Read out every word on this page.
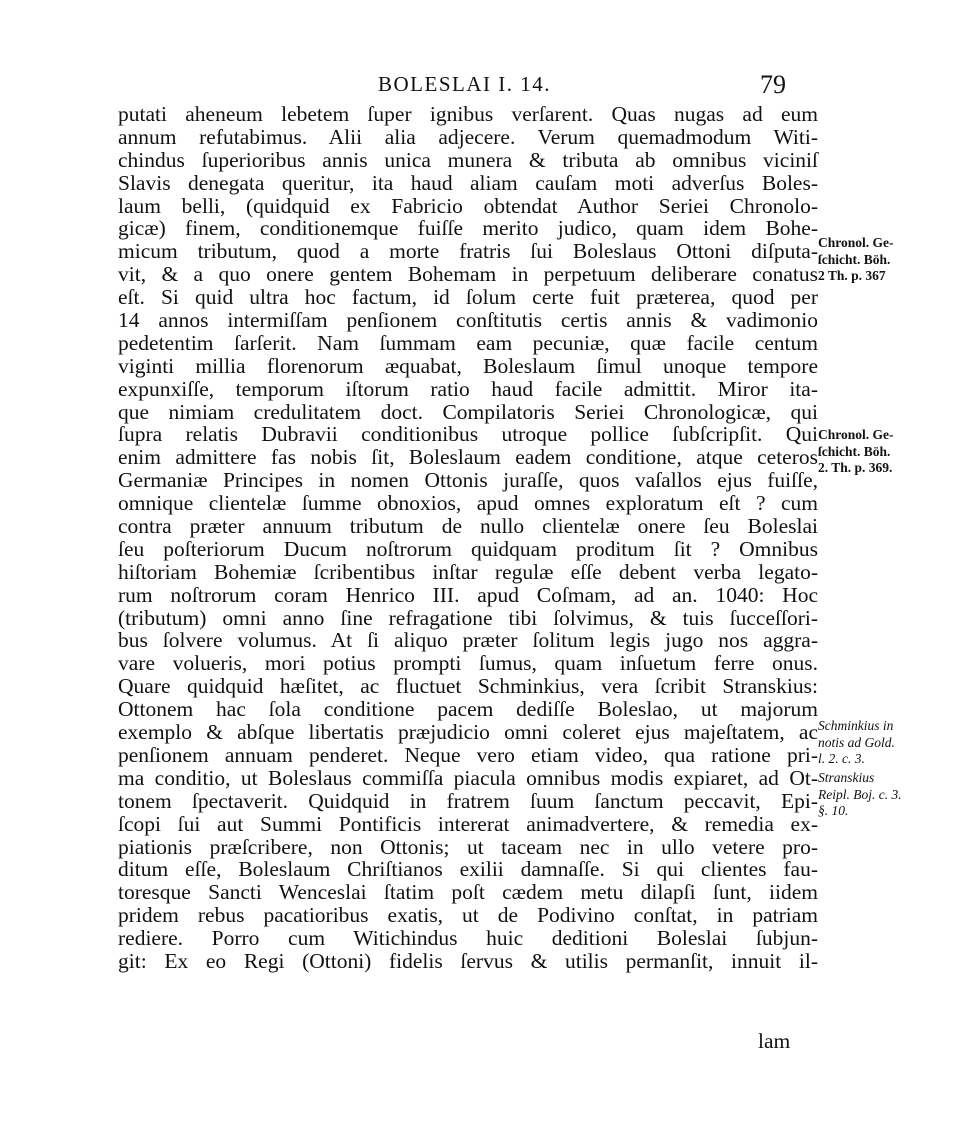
BOLESLAI I. 14.	79
putati aheneum lebetem ſuper ignibus verſarent. Quas nugas ad eum
annum refutabimus. Alii alia adjecere. Verum quemadmodum Witi-
chindus ſuperioribus annis unica munera & tributa ab omnibus viciniſ
Slavis denegata queritur, ita haud aliam cauſam moti adverſus Boles-
laum belli, (quidquid ex Fabricio obtendat Author Seriei Chronolo-
gicæ) finem, conditionemque fuiſſe merito judico, quam idem Bohe-
micum tributum, quod a morte fratris ſui Boleslaus Ottoni diſputa-
vit, & a quo onere gentem Bohemam in perpetuum deliberare conatus
eſt. Si quid ultra hoc factum, id ſolum certe fuit præterea, quod per
14 annos intermiſſam penſionem conſtitutis certis annis & vadimonio
pedetentim ſarſerit. Nam ſummam eam pecuniæ, quæ facile centum
viginti millia florenorum æquabat, Boleslaum ſimul unoque tempore
expunxiſſe, temporum iſtorum ratio haud facile admittit. Miror ita-
que nimiam credulitatem doct. Compilatoris Seriei Chronologicæ, qui
ſupra relatis Dubravii conditionibus utroque pollice ſubſcripſit. Qui
enim admittere fas nobis ſit, Boleslaum eadem conditione, atque ceteros
Germaniæ Principes in nomen Ottonis juraſſe, quos vaſallos ejus fuiſſe,
omnique clientelæ ſumme obnoxios, apud omnes exploratum eſt ? cum
contra præter annuum tributum de nullo clientelæ onere ſeu Boleslai
ſeu poſteriorum Ducum noſtrorum quidquam proditum ſit ? Omnibus
hiſtoriam Bohemiæ ſcribentibus inſtar regulæ eſſe debent verba legato-
rum noſtrorum coram Henrico III. apud Coſmam, ad an. 1040: Hoc
(tributum) omni anno ſine refragatione tibi ſolvimus, & tuis ſucceſſori-
bus ſolvere volumus. At ſi aliquo præter ſolitum legis jugo nos aggra-
vare volueris, mori potius prompti ſumus, quam inſuetum ferre onus.
Quare quidquid hæſitet, ac fluctuet Schminkius, vera ſcribit Stranskius:
Ottonem hac ſola conditione pacem dediſſe Boleslao, ut majorum
exemplo & abſque libertatis præjudicio omni coleret ejus majeſtatem, ac
penſionem annuam penderet. Neque vero etiam video, qua ratione pri-
ma conditio, ut Boleslaus commiſſa piacula omnibus modis expiaret, ad Ot-
tonem ſpectaverit. Quidquid in fratrem ſuum ſanctum peccavit, Epi-
ſcopi ſui aut Summi Pontificis intererat animadvertere, & remedia ex-
piationis præſcribere, non Ottonis; ut taceam nec in ullo vetere pro-
ditum eſſe, Boleslaum Chriſtianos exilii damnaſſe. Si qui clientes fau-
toresque Sancti Wenceslai ſtatim poſt cædem metu dilapſi ſunt, iidem
pridem rebus pacatioribus exatis, ut de Podivino conſtat, in patriam
rediere. Porro cum Witichindus huic deditioni Boleslai ſubjun-
git: Ex eo Regi (Ottoni) fidelis ſervus & utilis permanſit, innuit il-
lam
Chronol. Ge-
ſchicht. Böh.
2 Th. p. 367
Chronol. Ge-
ſchicht. Böh.
2. Th. p. 369.
Schminkius in
notis ad Gold.
l. 2. c. 3.
Stranskius
Reipl. Boj. c. 3.
§. 10.
